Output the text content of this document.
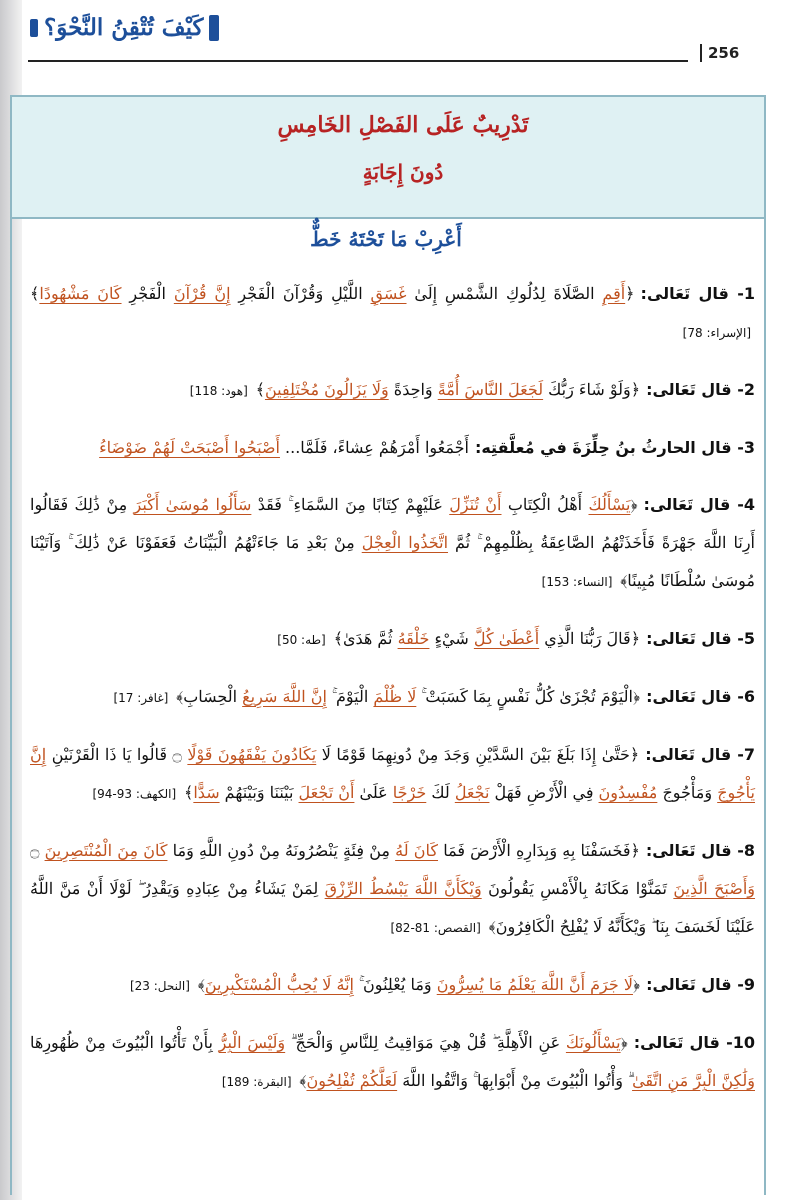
كَيْفَ تُتْقِنُ النَّحْوَ؟
256
تَدْرِيبٌ عَلَى الفَصْلِ الخَامِسِ
دُونَ إِجَابَةٍ
أَعْرِبْ مَا تَحْتَهُ خَطٌّ
1- قال تَعَالى:﴿أَقِمِ الصَّلَاةَ لِدُلُوكِ الشَّمْسِ إِلَىٰ غَسَقِ اللَّيْلِ وَقُرْآنَ الْفَجْرِ إِنَّ قُرْآنَ الْفَجْرِ كَانَ مَشْهُودًا﴾ [الإسراء: 78]
2- قال تَعَالى:﴿وَلَوْ شَاءَ رَبُّكَ لَجَعَلَ النَّاسَ أُمَّةً وَاحِدَةً وَلَا يَزَالُونَ مُخْتَلِفِينَ﴾ [هود: 118]
3- قال الحارثُ بنُ حِلِّزَةَ في مُعلَّقتِه:أَجْمَعُوا أَمْرَهُمْ عِشاءً، فَلَمَّا... أَصْبَحُوا أَصْبَحَتْ لَهُمْ ضَوْضَاءُ
4- قال تَعَالى:﴿يَسْأَلُكَ أَهْلُ الْكِتَابِ أَنْ تُنَزِّلَ عَلَيْهِمْ كِتَابًا مِنَ السَّمَاءِ ۚ فَقَدْ سَأَلُوا مُوسَىٰ أَكْبَرَ مِنْ ذَٰلِكَ فَقَالُوا أَرِنَا اللَّهَ جَهْرَةً فَأَخَذَتْهُمُ الصَّاعِقَةُ بِظُلْمِهِمْ ۚ ثُمَّ اتَّخَذُوا الْعِجْلَ مِنْ بَعْدِ مَا جَاءَتْهُمُ الْبَيِّنَاتُ فَعَفَوْنَا عَنْ ذَٰلِكَ ۚ وَآتَيْنَا مُوسَىٰ سُلْطَانًا مُبِينًا﴾ [النساء: 153]
5- قال تَعَالى:﴿قَالَ رَبُّنَا الَّذِي أَعْطَىٰ كُلَّ شَيْءٍ خَلْقَهُ ثُمَّ هَدَىٰ﴾ [طه: 50]
6- قال تَعَالى:﴿الْيَوْمَ تُجْزَىٰ كُلُّ نَفْسٍ بِمَا كَسَبَتْ ۚ لَا ظُلْمَ الْيَوْمَ ۚ إِنَّ اللَّهَ سَرِيعُ الْحِسَابِ﴾ [غافر: 17]
7- قال تَعَالى:﴿حَتَّىٰ إِذَا بَلَغَ بَيْنَ السَّدَّيْنِ وَجَدَ مِنْ دُونِهِمَا قَوْمًا لَا يَكَادُونَ يَفْقَهُونَ قَوْلًا ۝ قَالُوا يَا ذَا الْقَرْنَيْنِ إِنَّ يَأْجُوجَ وَمَأْجُوجَ مُفْسِدُونَ فِي الْأَرْضِ فَهَلْ نَجْعَلُ لَكَ خَرْجًا عَلَىٰ أَنْ تَجْعَلَ بَيْنَنَا وَبَيْنَهُمْ سَدًّا﴾ [الكهف: 93-94]
8- قال تَعَالى:﴿فَخَسَفْنَا بِهِ وَبِدَارِهِ الْأَرْضَ فَمَا كَانَ لَهُ مِنْ فِئَةٍ يَنْصُرُونَهُ مِنْ دُونِ اللَّهِ وَمَا كَانَ مِنَ الْمُنْتَصِرِينَ ۝ وَأَصْبَحَ الَّذِينَ تَمَنَّوْا مَكَانَهُ بِالْأَمْسِ يَقُولُونَ وَيْكَأَنَّ اللَّهَ يَبْسُطُ الرِّزْقَ لِمَنْ يَشَاءُ مِنْ عِبَادِهِ وَيَقْدِرُ ۖ لَوْلَا أَنْ مَنَّ اللَّهُ عَلَيْنَا لَخَسَفَ بِنَا ۖ وَيْكَأَنَّهُ لَا يُفْلِحُ الْكَافِرُونَ﴾ [القصص: 81-82]
9- قال تَعَالى:﴿لَا جَرَمَ أَنَّ اللَّهَ يَعْلَمُ مَا يُسِرُّونَ وَمَا يُعْلِنُونَ ۚ إِنَّهُ لَا يُحِبُّ الْمُسْتَكْبِرِينَ﴾ [النحل: 23]
10- قال تَعَالى:﴿يَسْأَلُونَكَ عَنِ الْأَهِلَّةِ ۖ قُلْ هِيَ مَوَاقِيتُ لِلنَّاسِ وَالْحَجِّ ۗ وَلَيْسَ الْبِرُّ بِأَنْ تَأْتُوا الْبُيُوتَ مِنْ ظُهُورِهَا وَلَٰكِنَّ الْبِرَّ مَنِ اتَّقَىٰ ۗ وَأْتُوا الْبُيُوتَ مِنْ أَبْوَابِهَا ۚ وَاتَّقُوا اللَّهَ لَعَلَّكُمْ تُفْلِحُونَ﴾ [البقرة: 189]
